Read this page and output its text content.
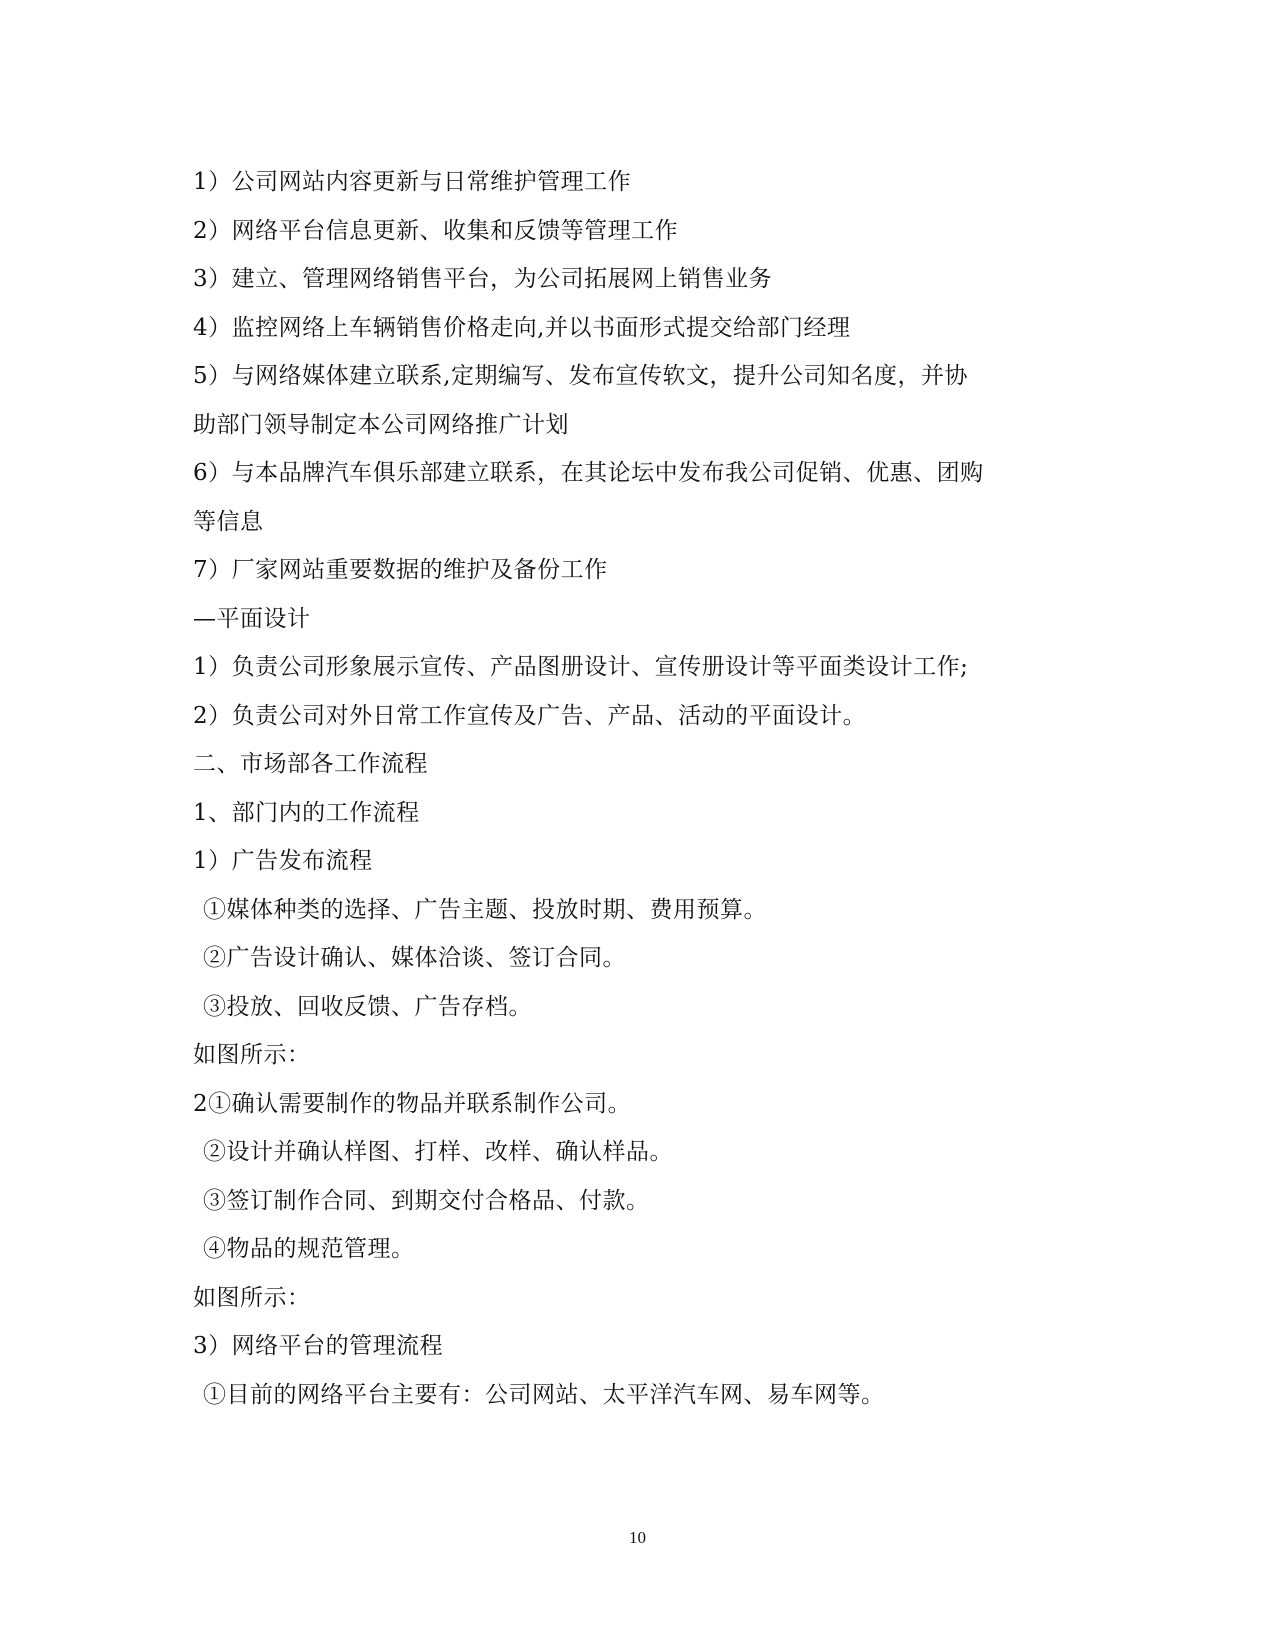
1）公司网站内容更新与日常维护管理工作
2）网络平台信息更新、收集和反馈等管理工作
3）建立、管理网络销售平台，为公司拓展网上销售业务
4）监控网络上车辆销售价格走向,并以书面形式提交给部门经理
5）与网络媒体建立联系,定期编写、发布宣传软文，提升公司知名度，并协
助部门领导制定本公司网络推广计划
6）与本品牌汽车俱乐部建立联系，在其论坛中发布我公司促销、优惠、团购
等信息
7）厂家网站重要数据的维护及备份工作
—平面设计
1）负责公司形象展示宣传、产品图册设计、宣传册设计等平面类设计工作;
2）负责公司对外日常工作宣传及广告、产品、活动的平面设计。
二、市场部各工作流程
1、部门内的工作流程
1）广告发布流程
①媒体种类的选择、广告主题、投放时期、费用预算。
②广告设计确认、媒体洽谈、签订合同。
③投放、回收反馈、广告存档。
如图所示：
2①确认需要制作的物品并联系制作公司。
②设计并确认样图、打样、改样、确认样品。
③签订制作合同、到期交付合格品、付款。
④物品的规范管理。
如图所示：
3）网络平台的管理流程
①目前的网络平台主要有：公司网站、太平洋汽车网、易车网等。
10
